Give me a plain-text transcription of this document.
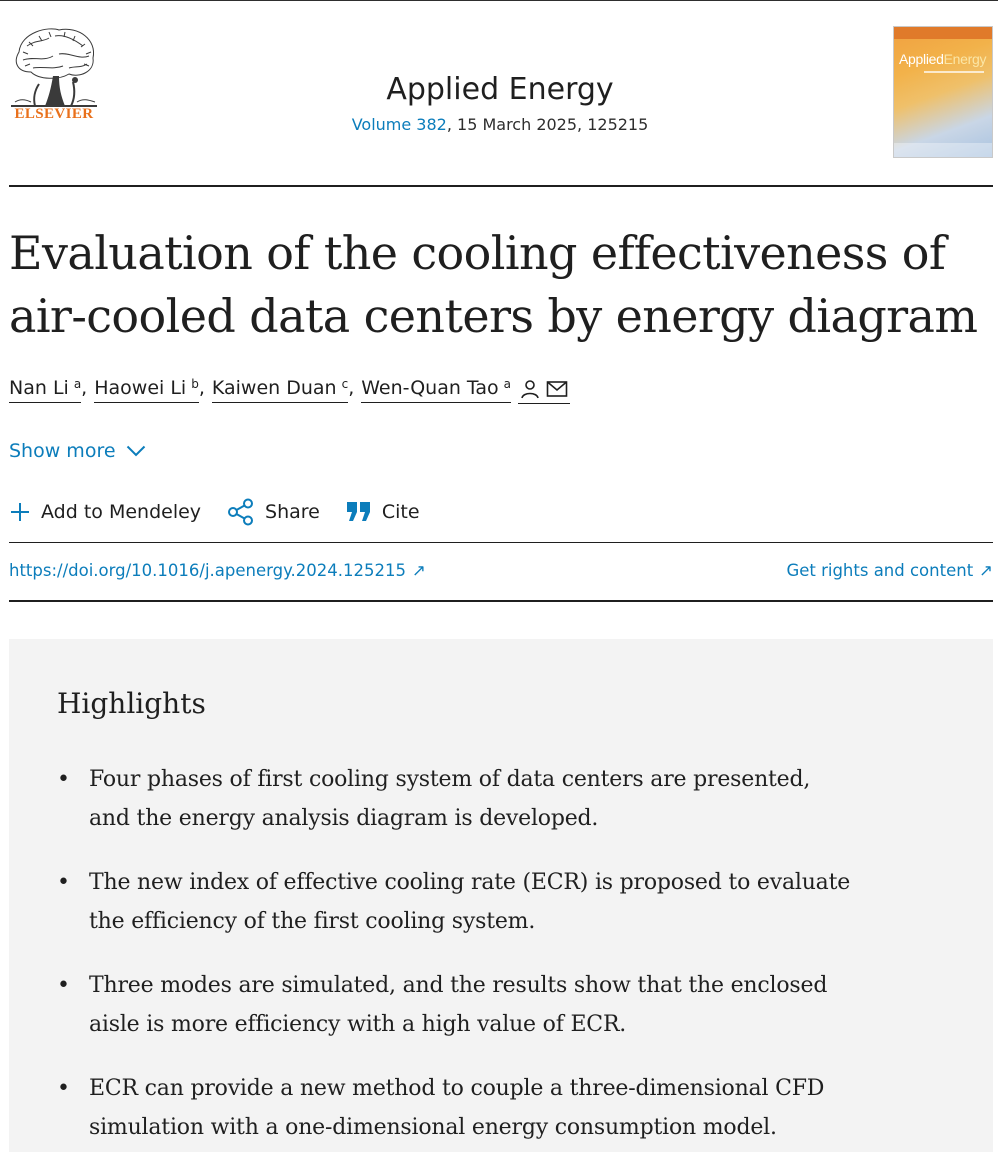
ELSEVIER
Applied Energy
Volume 382, 15 March 2025, 125215
AppliedEnergy
Evaluation of the cooling effectiveness of
air-cooled data centers by energy diagram
Nan Li $^a$ , Haowei Li $^b$ , Kaiwen Duan $^c$ , Wen-Quan Tao $^a$
Show more
Add to Mendeley	Share	Cite
https://doi.org/10.1016/j.apenergy.2024.125215 ↗	Get rights and content ↗
Highlights
• Four phases of first cooling system of data centers are presented,
and the energy analysis diagram is developed.
• The new index of effective cooling rate (ECR) is proposed to evaluate
the efficiency of the first cooling system.
• Three modes are simulated, and the results show that the enclosed
aisle is more efficiency with a high value of ECR.
• ECR can provide a new method to couple a three-dimensional CFD
simulation with a one-dimensional energy consumption model.
